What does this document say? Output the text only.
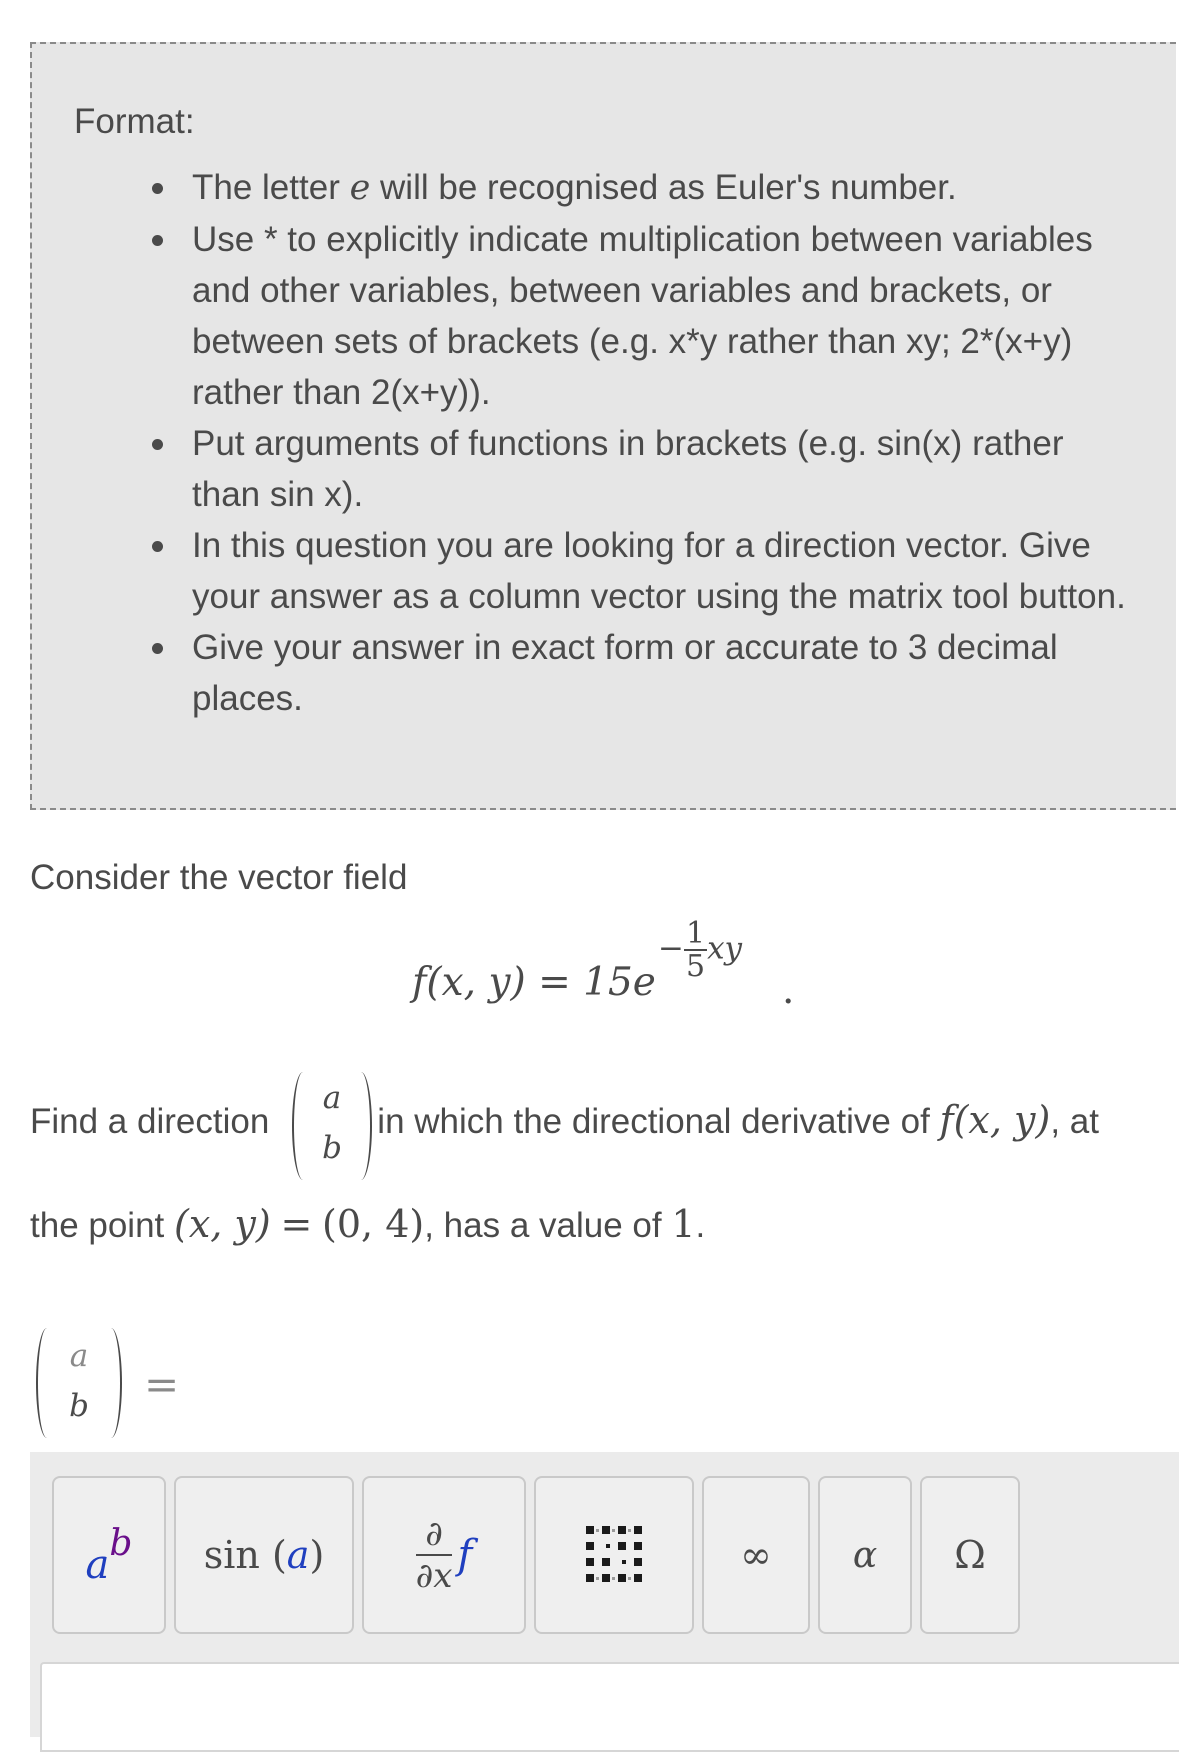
Format:
The letter e will be recognised as Euler's number.
Use * to explicitly indicate multiplication between variables and other variables, between variables and brackets, or between sets of brackets (e.g. x*y rather than xy; 2*(x+y) rather than 2(x+y)).
Put arguments of functions in brackets (e.g. sin(x) rather than sin x).
In this question you are looking for a direction vector. Give your answer as a column vector using the matrix tool button.
Give your answer in exact form or accurate to 3 decimal places.
Consider the vector field
f(x, y) = 15e
− $\frac{1}{5}$ xy
.
Find a direction	in which the directional derivative of f(x, y), at
a
b
the point (x, y) = (0, 4), has a value of 1.
a
b	=
a b sin ( a )	$\frac{\partial}{\partial x}$
f	∞ α Ω
